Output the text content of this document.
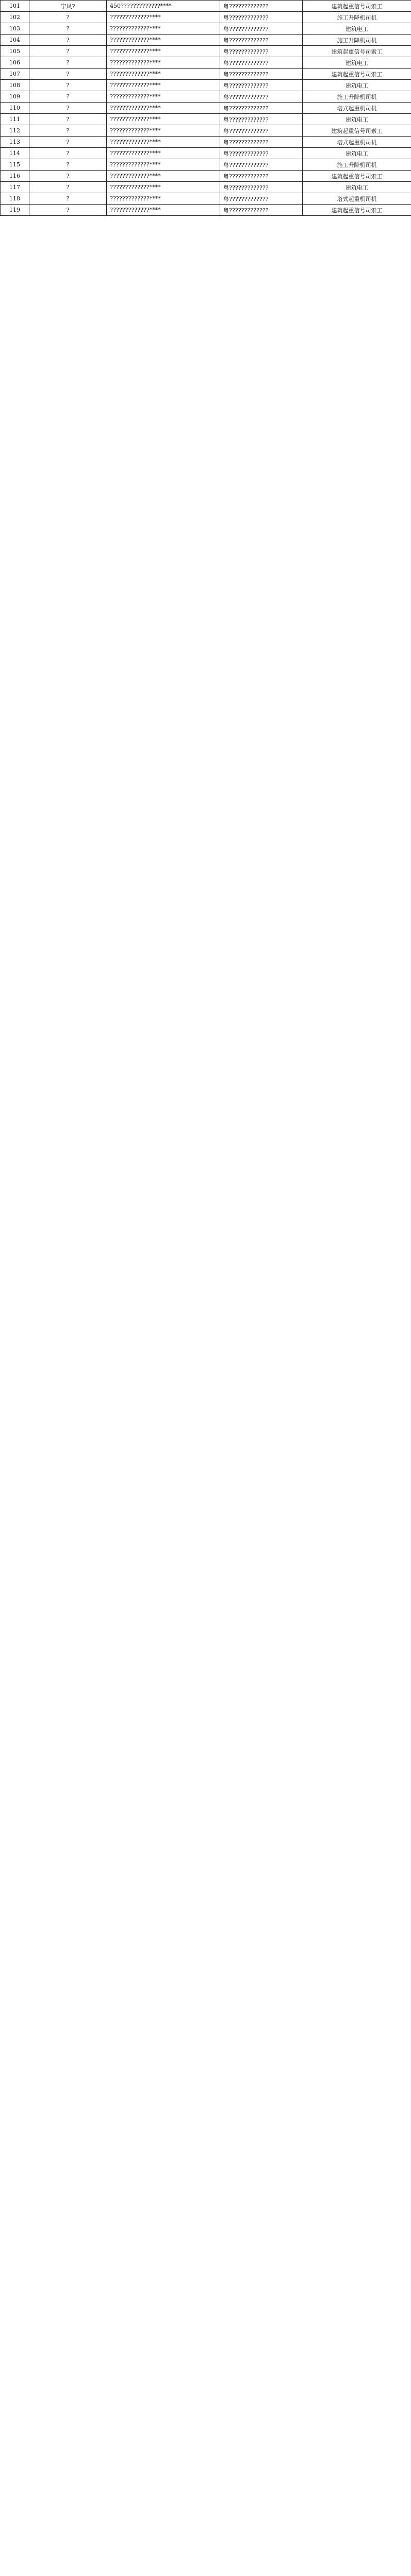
101	宁凤?	450?????????????****	粤?????????????	建筑起重信号司索工
102	?	?????????????****	粤?????????????	施工升降机司机
103	?	?????????????****	粤?????????????	建筑电工
104	?	?????????????****	粤?????????????	施工升降机司机
105	?	?????????????****	粤?????????????	建筑起重信号司索工
106	?	?????????????****	粤?????????????	建筑电工
107	?	?????????????****	粤?????????????	建筑起重信号司索工
108	?	?????????????****	粤?????????????	建筑电工
109	?	?????????????****	粤?????????????	施工升降机司机
110	?	?????????????****	粤?????????????	塔式起重机司机
111	?	?????????????****	粤?????????????	建筑电工
112	?	?????????????****	粤?????????????	建筑起重信号司索工
113	?	?????????????****	粤?????????????	塔式起重机司机
114	?	?????????????****	粤?????????????	建筑电工
115	?	?????????????****	粤?????????????	施工升降机司机
116	?	?????????????****	粤?????????????	建筑起重信号司索工
117	?	?????????????****	粤?????????????	建筑电工
118	?	?????????????****	粤?????????????	塔式起重机司机
119	?	?????????????****	粤?????????????	建筑起重信号司索工
